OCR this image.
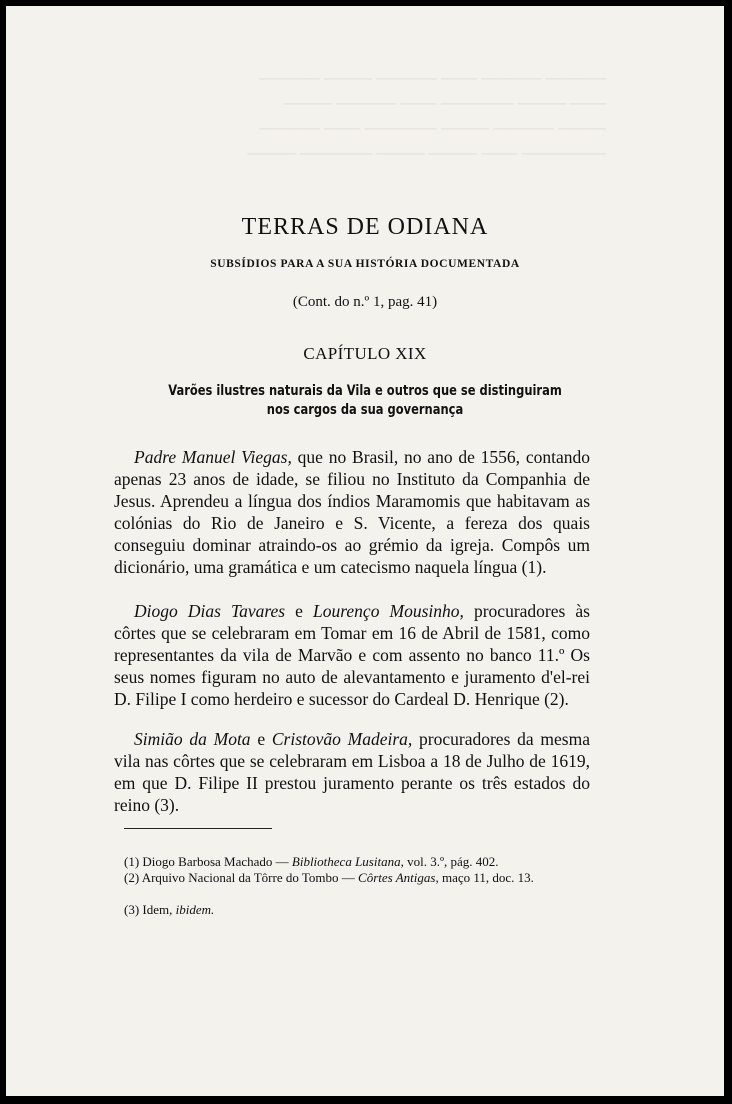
───── ───── ─── ───── ──── ─────
─── ──── ────── ─── ───── ────
──── ───── ──── ────── ─── ─────
─────── ─── ──── ──── ────── ────
TERRAS DE ODIANA
SUBSÍDIOS PARA A SUA HISTÓRIA DOCUMENTADA
(Cont. do n.º 1, pag. 41)
CAPÍTULO XIX
Varões ilustres naturais da Vila e outros que se distinguiram
nos cargos da sua governança

Padre Manuel Viegas, que no Brasil, no ano de 1556, contando apenas 23 anos de idade, se filiou no Instituto da Companhia de Jesus. Aprendeu a língua dos índios Maramomis que habitavam as colónias do Rio de Janeiro e S. Vicente, a fereza dos quais conseguiu dominar atraindo-os ao grémio da igreja. Compôs um dicionário, uma gramática e um catecismo naquela língua (1).

Diogo Dias Tavares e Lourenço Mousinho, procuradores às côrtes que se celebraram em Tomar em 16 de Abril de 1581, como representantes da vila de Marvão e com assento no banco 11.º Os seus nomes figuram no auto de alevantamento e juramento d'el-rei D. Filipe I como herdeiro e sucessor do Cardeal D. Henrique (2).

Simião da Mota e Cristovão Madeira, procuradores da mesma vila nas côrtes que se celebraram em Lisboa a 18 de Julho de 1619, em que D. Filipe II prestou juramento perante os três estados do reino (3).

(1) Diogo Barbosa Machado — Bibliotheca Lusitana, vol. 3.º, pág. 402.
(2) Arquivo Nacional da Tôrre do Tombo — Côrtes Antigas, maço 11, doc. 13.
(3) Idem, ibidem.
